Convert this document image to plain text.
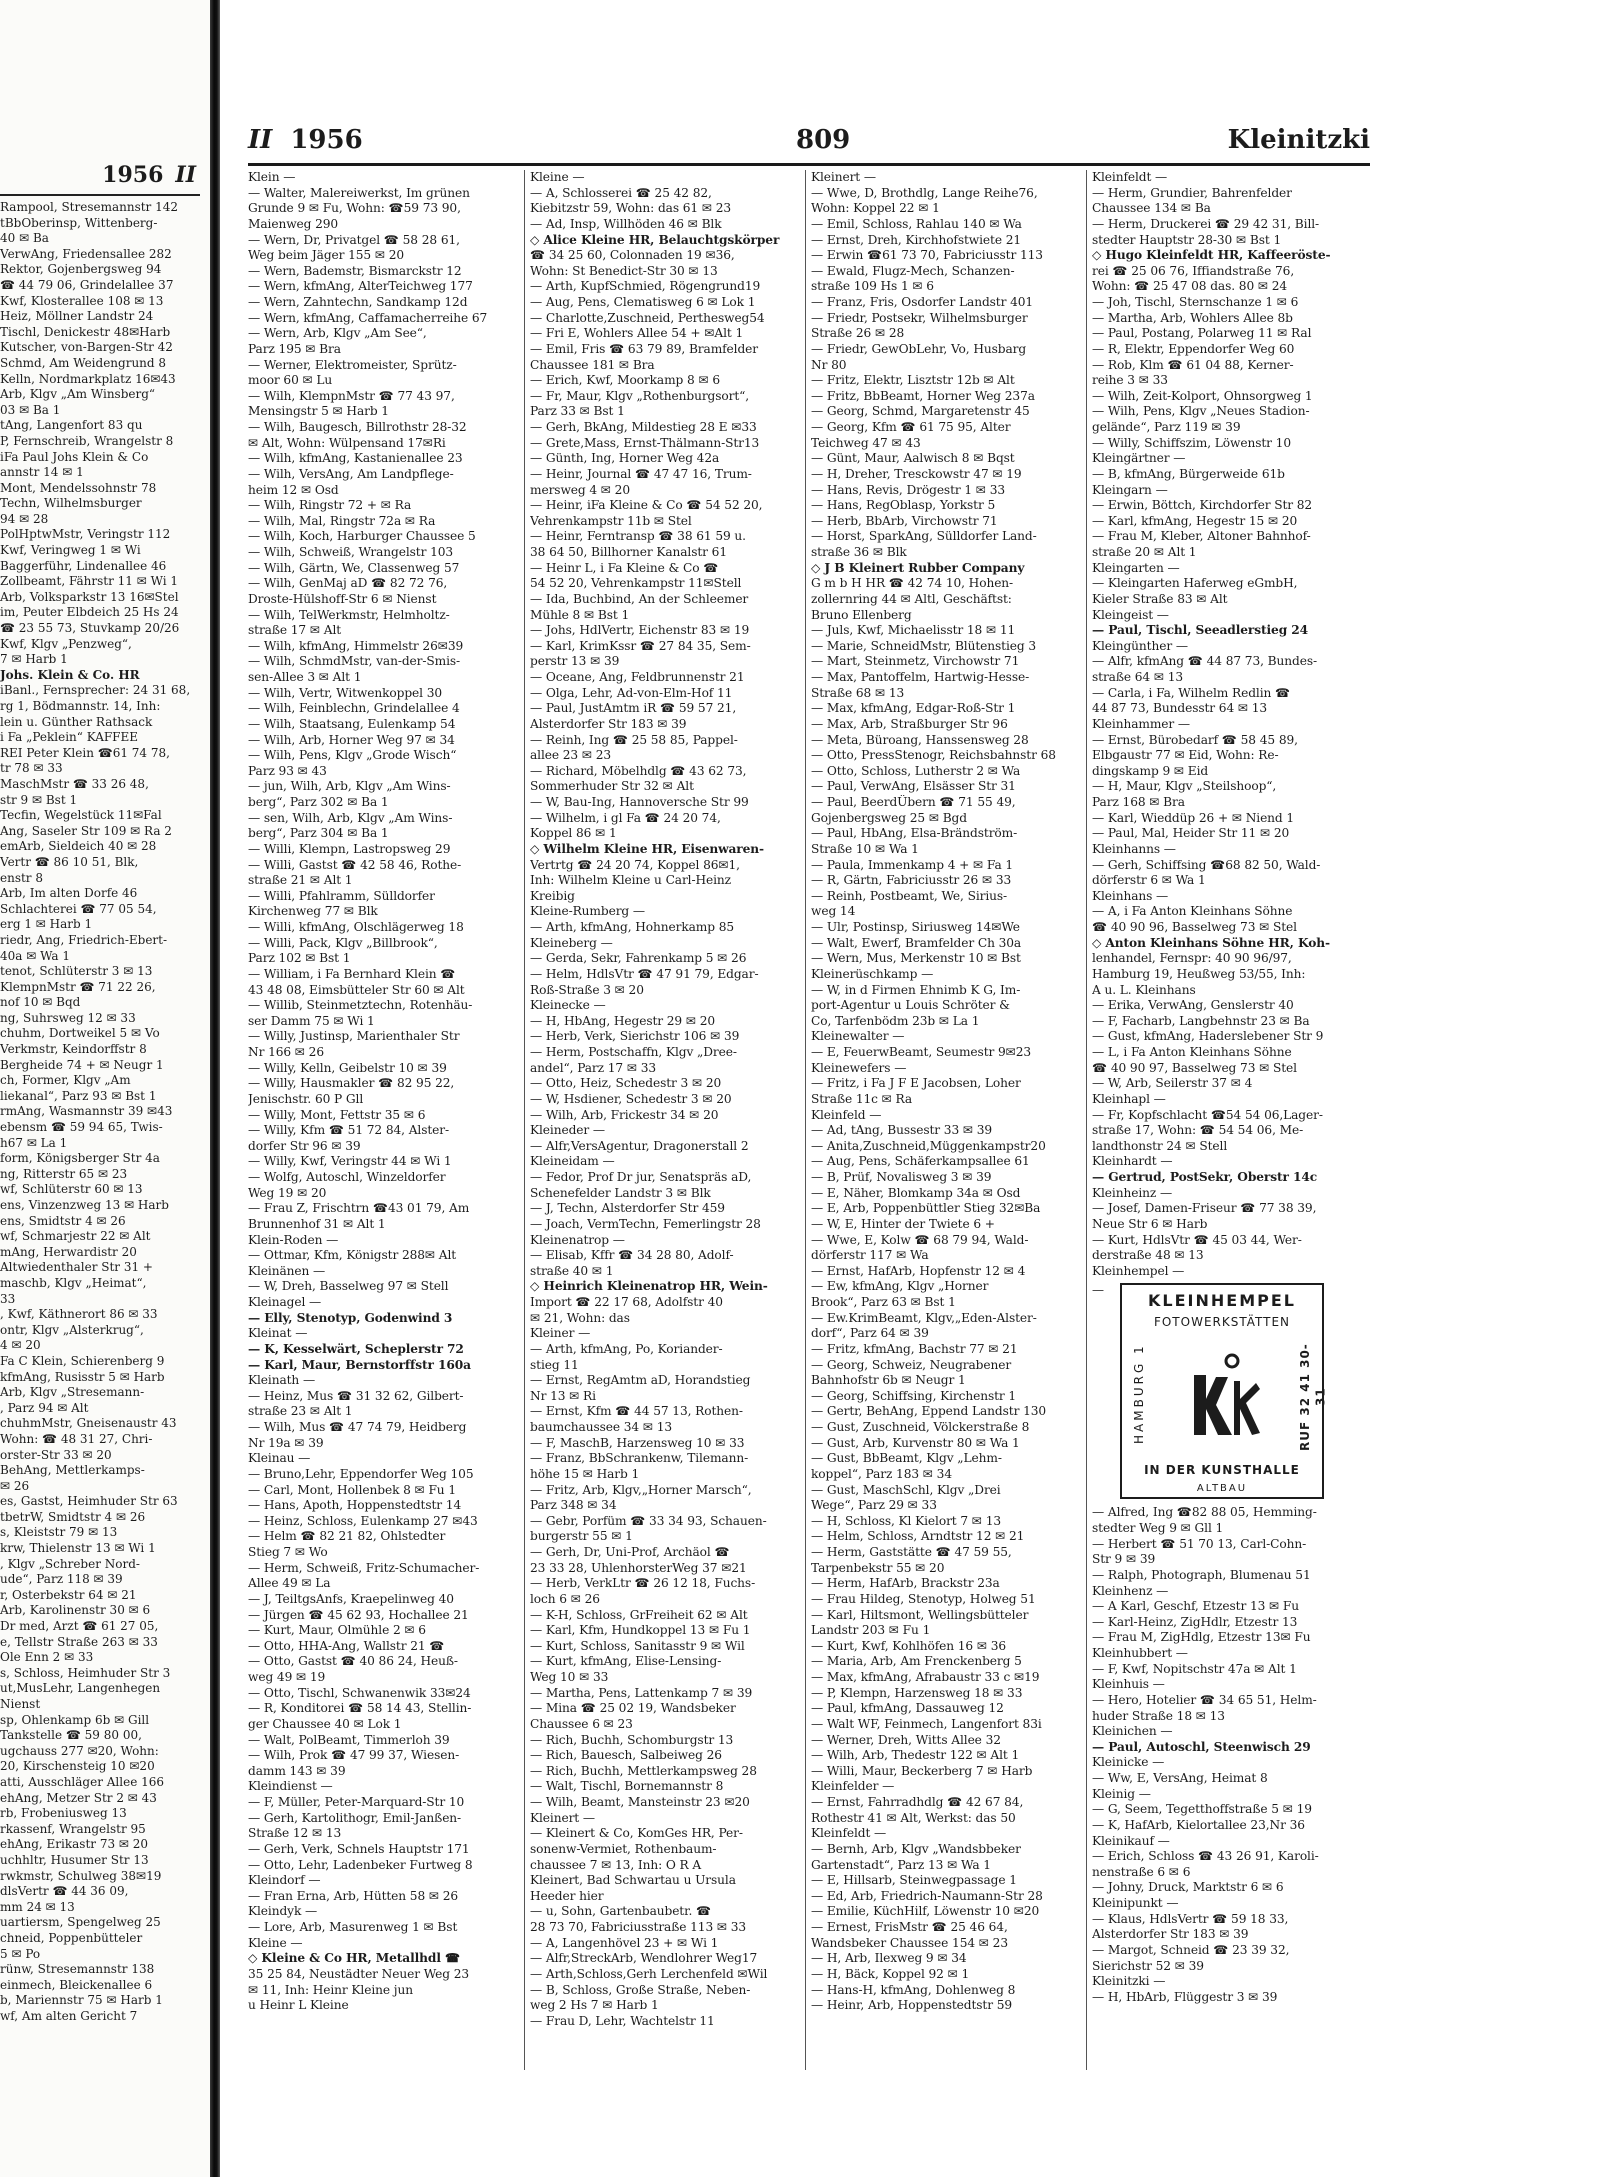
1956 II
Rampool, Stresemannstr 142
tBbOberinsp, Wittenberg-
40 ✉ Ba
VerwAng, Friedensallee 282
Rektor, Gojenbergsweg 94
☎ 44 79 06, Grindelallee 37
Kwf, Klosterallee 108 ✉ 13
Heiz, Möllner Landstr 24
Tischl, Denickestr 48✉Harb
Kutscher, von-Bargen-Str 42
Schmd, Am Weidengrund 8
Kelln, Nordmarkplatz 16✉43
Arb, Klgv „Am Winsberg“
03 ✉ Ba 1
tAng, Langenfort 83 qu
P, Fernschreib, Wrangelstr 8
iFa Paul Johs Klein & Co
annstr 14 ✉ 1
Mont, Mendelssohnstr 78
Techn, Wilhelmsburger
94 ✉ 28
PolHptwMstr, Veringstr 112
Kwf, Veringweg 1 ✉ Wi
Baggerführ, Lindenallee 46
Zollbeamt, Fährstr 11 ✉ Wi 1
Arb, Volksparkstr 13 16✉Stel
im, Peuter Elbdeich 25 Hs 24
☎ 23 55 73, Stuvkamp 20/26
Kwf, Klgv „Penzweg“,
7 ✉ Harb 1
Johs. Klein & Co. HR
iBanl., Fernsprecher: 24 31 68,
rg 1, Bödmannstr. 14, Inh:
lein u. Günther Rathsack
i Fa „Peklein“ KAFFEE
REI Peter Klein ☎61 74 78,
tr 78 ✉ 33
MaschMstr ☎ 33 26 48,
str 9 ✉ Bst 1
Tecfin, Wegelstück 11✉Fal
Ang, Saseler Str 109 ✉ Ra 2
emArb, Sieldeich 40 ✉ 28
Vertr ☎ 86 10 51, Blk,
enstr 8
Arb, Im alten Dorfe 46
Schlachterei ☎ 77 05 54,
erg 1 ✉ Harb 1
riedr, Ang, Friedrich-Ebert-
40a ✉ Wa 1
tenot, Schlüterstr 3 ✉ 13
KlempnMstr ☎ 71 22 26,
nof 10 ✉ Bqd
ng, Suhrsweg 12 ✉ 33
chuhm, Dortweikel 5 ✉ Vo
Verkmstr, Keindorffstr 8
Bergheide 74 + ✉ Neugr 1
ch, Former, Klgv „Am
liekanal“, Parz 93 ✉ Bst 1
rmAng, Wasmannstr 39 ✉43
ebensm ☎ 59 94 65, Twis-
h67 ✉ La 1
form, Königsberger Str 4a
ng, Ritterstr 65 ✉ 23
wf, Schlüterstr 60 ✉ 13
ens, Vinzenzweg 13 ✉ Harb
ens, Smidtstr 4 ✉ 26
wf, Schmarjestr 22 ✉ Alt
mAng, Herwardistr 20
Altwiedenthaler Str 31 +
maschb, Klgv „Heimat“,
33
, Kwf, Käthnerort 86 ✉ 33
ontr, Klgv „Alsterkrug“,
4 ✉ 20
Fa C Klein, Schierenberg 9
kfmAng, Rusisstr 5 ✉ Harb
Arb, Klgv „Stresemann-
, Parz 94 ✉ Alt
chuhmMstr, Gneisenaustr 43
Wohn: ☎ 48 31 27, Chri-
orster-Str 33 ✉ 20
BehAng, Mettlerkamps-
✉ 26
es, Gastst, Heimhuder Str 63
tbetrW, Smidtstr 4 ✉ 26
s, Kleiststr 79 ✉ 13
krw, Thielenstr 13 ✉ Wi 1
, Klgv „Schreber Nord-
ude“, Parz 118 ✉ 39
r, Osterbekstr 64 ✉ 21
Arb, Karolinenstr 30 ✉ 6
Dr med, Arzt ☎ 61 27 05,
e, Tellstr Straße 263 ✉ 33
Ole Enn 2 ✉ 33
s, Schloss, Heimhuder Str 3
ut,MusLehr, Langenhegen
Nienst
sp, Ohlenkamp 6b ✉ Gill
Tankstelle ☎ 59 80 00,
ugchauss 277 ✉20, Wohn:
20, Kirschensteig 10 ✉20
atti, Ausschläger Allee 166
ehAng, Metzer Str 2 ✉ 43
rb, Frobeniusweg 13
rkassenf, Wrangelstr 95
ehAng, Erikastr 73 ✉ 20
uchhltr, Husumer Str 13
rwkmstr, Schulweg 38✉19
dlsVertr ☎ 44 36 09,
mm 24 ✉ 13
uartiersm, Spengelweg 25
chneid, Poppenbütteler
5 ✉ Po
rünw, Stresemannstr 138
einmech, Bleickenallee 6
b, Mariennstr 75 ✉ Harb 1
wf, Am alten Gericht 7
II 1956	809	Kleinitzki
Klein —
— Walter, Malereiwerkst, Im grünen
Grunde 9 ✉ Fu, Wohn: ☎59 73 90,
Maienweg 290
— Wern, Dr, Privatgel ☎ 58 28 61,
Weg beim Jäger 155 ✉ 20
— Wern, Bademstr, Bismarckstr 12
— Wern, kfmAng, AlterTeichweg 177
— Wern, Zahntechn, Sandkamp 12d
— Wern, kfmAng, Caffamacherreihe 67
— Wern, Arb, Klgv „Am See“,
Parz 195 ✉ Bra
— Werner, Elektromeister, Sprütz-
moor 60 ✉ Lu
— Wilh, KlempnMstr ☎ 77 43 97,
Mensingstr 5 ✉ Harb 1
— Wilh, Baugesch, Billrothstr 28-32
✉ Alt, Wohn: Wülpensand 17✉Ri
— Wilh, kfmAng, Kastanienallee 23
— Wilh, VersAng, Am Landpflege-
heim 12 ✉ Osd
— Wilh, Ringstr 72 + ✉ Ra
— Wilh, Mal, Ringstr 72a ✉ Ra
— Wilh, Koch, Harburger Chaussee 5
— Wilh, Schweiß, Wrangelstr 103
— Wilh, Gärtn, We, Classenweg 57
— Wilh, GenMaj aD ☎ 82 72 76,
Droste-Hülshoff-Str 6 ✉ Nienst
— Wilh, TelWerkmstr, Helmholtz-
straße 17 ✉ Alt
— Wilh, kfmAng, Himmelstr 26✉39
— Wilh, SchmdMstr, van-der-Smis-
sen-Allee 3 ✉ Alt 1
— Wilh, Vertr, Witwenkoppel 30
— Wilh, Feinblechn, Grindelallee 4
— Wilh, Staatsang, Eulenkamp 54
— Wilh, Arb, Horner Weg 97 ✉ 34
— Wilh, Pens, Klgv „Grode Wisch“
Parz 93 ✉ 43
— jun, Wilh, Arb, Klgv „Am Wins-
berg“, Parz 302 ✉ Ba 1
— sen, Wilh, Arb, Klgv „Am Wins-
berg“, Parz 304 ✉ Ba 1
— Willi, Klempn, Lastropsweg 29
— Willi, Gastst ☎ 42 58 46, Rothe-
straße 21 ✉ Alt 1
— Willi, Pfahlramm, Sülldorfer
Kirchenweg 77 ✉ Blk
— Willi, kfmAng, Olschlägerweg 18
— Willi, Pack, Klgv „Billbrook“,
Parz 102 ✉ Bst 1
— William, i Fa Bernhard Klein ☎
43 48 08, Eimsbütteler Str 60 ✉ Alt
— Willib, Steinmetztechn, Rotenhäu-
ser Damm 75 ✉ Wi 1
— Willy, Justinsp, Marienthaler Str
Nr 166 ✉ 26
— Willy, Kelln, Geibelstr 10 ✉ 39
— Willy, Hausmakler ☎ 82 95 22,
Jenischstr. 60 P Gll
— Willy, Mont, Fettstr 35 ✉ 6
— Willy, Kfm ☎ 51 72 84, Alster-
dorfer Str 96 ✉ 39
— Willy, Kwf, Veringstr 44 ✉ Wi 1
— Wolfg, Autoschl, Winzeldorfer
Weg 19 ✉ 20
— Frau Z, Frischtrn ☎43 01 79, Am
Brunnenhof 31 ✉ Alt 1
Klein-Roden —
— Ottmar, Kfm, Königstr 288✉ Alt
Kleinänen —
— W, Dreh, Basselweg 97 ✉ Stell
Kleinagel —
— Elly, Stenotyp, Godenwind 3
Kleinat —
— K, Kesselwärt, Scheplerstr 72
— Karl, Maur, Bernstorffstr 160a
Kleinath —
— Heinz, Mus ☎ 31 32 62, Gilbert-
straße 23 ✉ Alt 1
— Wilh, Mus ☎ 47 74 79, Heidberg
Nr 19a ✉ 39
Kleinau —
— Bruno,Lehr, Eppendorfer Weg 105
— Carl, Mont, Hollenbek 8 ✉ Fu 1
— Hans, Apoth, Hoppenstedtstr 14
— Heinz, Schloss, Eulenkamp 27 ✉43
— Helm ☎ 82 21 82, Ohlstedter
Stieg 7 ✉ Wo
— Herm, Schweiß, Fritz-Schumacher-
Allee 49 ✉ La
— J, TeiltgsAnfs, Kraepelinweg 40
— Jürgen ☎ 45 62 93, Hochallee 21
— Kurt, Maur, Olmühle 2 ✉ 6
— Otto, HHA-Ang, Wallstr 21 ☎
— Otto, Gastst ☎ 40 86 24, Heuß-
weg 49 ✉ 19
— Otto, Tischl, Schwanenwik 33✉24
— R, Konditorei ☎ 58 14 43, Stellin-
ger Chaussee 40 ✉ Lok 1
— Walt, PolBeamt, Timmerloh 39
— Wilh, Prok ☎ 47 99 37, Wiesen-
damm 143 ✉ 39
Kleindienst —
— F, Müller, Peter-Marquard-Str 10
— Gerh, Kartolithogr, Emil-Janßen-
Straße 12 ✉ 13
— Gerh, Verk, Schnels Hauptstr 171
— Otto, Lehr, Ladenbeker Furtweg 8
Kleindorf —
— Fran Erna, Arb, Hütten 58 ✉ 26
Kleindyk —
— Lore, Arb, Masurenweg 1 ✉ Bst
Kleine —
◇ Kleine & Co HR, Metallhdl ☎
35 25 84, Neustädter Neuer Weg 23
✉ 11, Inh: Heinr Kleine jun
u Heinr L Kleine
Kleine —
— A, Schlosserei ☎ 25 42 82,
Kiebitzstr 59, Wohn: das 61 ✉ 23
— Ad, Insp, Willhöden 46 ✉ Blk
◇ Alice Kleine HR, Belauchtgskörper
☎ 34 25 60, Colonnaden 19 ✉36,
Wohn: St Benedict-Str 30 ✉ 13
— Arth, KupfSchmied, Rögengrund19
— Aug, Pens, Clematisweg 6 ✉ Lok 1
— Charlotte,Zuschneid, Perthesweg54
— Fri E, Wohlers Allee 54 + ✉Alt 1
— Emil, Fris ☎ 63 79 89, Bramfelder
Chaussee 181 ✉ Bra
— Erich, Kwf, Moorkamp 8 ✉ 6
— Fr, Maur, Klgv „Rothenburgsort“,
Parz 33 ✉ Bst 1
— Gerh, BkAng, Mildestieg 28 E ✉33
— Grete,Mass, Ernst-Thälmann-Str13
— Günth, Ing, Horner Weg 42a
— Heinr, Journal ☎ 47 47 16, Trum-
mersweg 4 ✉ 20
— Heinr, iFa Kleine & Co ☎ 54 52 20,
Vehrenkampstr 11b ✉ Stel
— Heinr, Ferntransp ☎ 38 61 59 u.
38 64 50, Billhorner Kanalstr 61
— Heinr L, i Fa Kleine & Co ☎
54 52 20, Vehrenkampstr 11✉Stell
— Ida, Buchbind, An der Schleemer
Mühle 8 ✉ Bst 1
— Johs, HdlVertr, Eichenstr 83 ✉ 19
— Karl, KrimKssr ☎ 27 84 35, Sem-
perstr 13 ✉ 39
— Oceane, Ang, Feldbrunnenstr 21
— Olga, Lehr, Ad-von-Elm-Hof 11
— Paul, JustAmtm iR ☎ 59 57 21,
Alsterdorfer Str 183 ✉ 39
— Reinh, Ing ☎ 25 58 85, Pappel-
allee 23 ✉ 23
— Richard, Möbelhdlg ☎ 43 62 73,
Sommerhuder Str 32 ✉ Alt
— W, Bau-Ing, Hannoversche Str 99
— Wilhelm, i gl Fa ☎ 24 20 74,
Koppel 86 ✉ 1
◇ Wilhelm Kleine HR, Eisenwaren-
Vertrtg ☎ 24 20 74, Koppel 86✉1,
Inh: Wilhelm Kleine u Carl-Heinz
Kreibig
Kleine-Rumberg —
— Arth, kfmAng, Hohnerkamp 85
Kleineberg —
— Gerda, Sekr, Fahrenkamp 5 ✉ 26
— Helm, HdlsVtr ☎ 47 91 79, Edgar-
Roß-Straße 3 ✉ 20
Kleinecke —
— H, HbAng, Hegestr 29 ✉ 20
— Herb, Verk, Sierichstr 106 ✉ 39
— Herm, Postschaffn, Klgv „Dree-
andel“, Parz 17 ✉ 33
— Otto, Heiz, Schedestr 3 ✉ 20
— W, Hsdiener, Schedestr 3 ✉ 20
— Wilh, Arb, Frickestr 34 ✉ 20
Kleineder —
— Alfr,VersAgentur, Dragonerstall 2
Kleineidam —
— Fedor, Prof Dr jur, Senatspräs aD,
Schenefelder Landstr 3 ✉ Blk
— J, Techn, Alsterdorfer Str 459
— Joach, VermTechn, Femerlingstr 28
Kleinenatrop —
— Elisab, Kffr ☎ 34 28 80, Adolf-
straße 40 ✉ 1
◇ Heinrich Kleinenatrop HR, Wein-
Import ☎ 22 17 68, Adolfstr 40
✉ 21, Wohn: das
Kleiner —
— Arth, kfmAng, Po, Koriander-
stieg 11
— Ernst, RegAmtm aD, Horandstieg
Nr 13 ✉ Ri
— Ernst, Kfm ☎ 44 57 13, Rothen-
baumchaussee 34 ✉ 13
— F, MaschB, Harzensweg 10 ✉ 33
— Franz, BbSchrankenw, Tilemann-
höhe 15 ✉ Harb 1
— Fritz, Arb, Klgv,„Horner Marsch“,
Parz 348 ✉ 34
— Gebr, Porfüm ☎ 33 34 93, Schauen-
burgerstr 55 ✉ 1
— Gerh, Dr, Uni-Prof, Archäol ☎
23 33 28, UhlenhorsterWeg 37 ✉21
— Herb, VerkLtr ☎ 26 12 18, Fuchs-
loch 6 ✉ 26
— K-H, Schloss, GrFreiheit 62 ✉ Alt
— Karl, Kfm, Hundkoppel 13 ✉ Fu 1
— Kurt, Schloss, Sanitasstr 9 ✉ Wil
— Kurt, kfmAng, Elise-Lensing-
Weg 10 ✉ 33
— Martha, Pens, Lattenkamp 7 ✉ 39
— Mina ☎ 25 02 19, Wandsbeker
Chaussee 6 ✉ 23
— Rich, Buchh, Schomburgstr 13
— Rich, Bauesch, Salbeiweg 26
— Rich, Buchh, Mettlerkampsweg 28
— Walt, Tischl, Bornemannstr 8
— Wilh, Beamt, Mansteinstr 23 ✉20
Kleinert —
— Kleinert & Co, KomGes HR, Per-
sonenw-Vermiet, Rothenbaum-
chaussee 7 ✉ 13, Inh: O R A
Kleinert, Bad Schwartau u Ursula
Heeder hier
— u, Sohn, Gartenbaubetr. ☎
28 73 70, Fabriciusstraße 113 ✉ 33
— A, Langenhövel 23 + ✉ Wi 1
— Alfr,StreckArb, Wendlohrer Weg17
— Arth,Schloss,Gerh Lerchenfeld ✉Wil
— B, Schloss, Große Straße, Neben-
weg 2 Hs 7 ✉ Harb 1
— Frau D, Lehr, Wachtelstr 11
Kleinert —
— Wwe, D, Brothdlg, Lange Reihe76,
Wohn: Koppel 22 ✉ 1
— Emil, Schloss, Rahlau 140 ✉ Wa
— Ernst, Dreh, Kirchhofstwiete 21
— Erwin ☎61 73 70, Fabriciusstr 113
— Ewald, Flugz-Mech, Schanzen-
straße 109 Hs 1 ✉ 6
— Franz, Fris, Osdorfer Landstr 401
— Friedr, Postsekr, Wilhelmsburger
Straße 26 ✉ 28
— Friedr, GewObLehr, Vo, Husbarg
Nr 80
— Fritz, Elektr, Lisztstr 12b ✉ Alt
— Fritz, BbBeamt, Horner Weg 237a
— Georg, Schmd, Margaretenstr 45
— Georg, Kfm ☎ 61 75 95, Alter
Teichweg 47 ✉ 43
— Günt, Maur, Aalwisch 8 ✉ Bqst
— H, Dreher, Tresckowstr 47 ✉ 19
— Hans, Revis, Drögestr 1 ✉ 33
— Hans, RegOblasp, Yorkstr 5
— Herb, BbArb, Virchowstr 71
— Horst, SparkAng, Sülldorfer Land-
straße 36 ✉ Blk
◇ J B Kleinert Rubber Company
G m b H HR ☎ 42 74 10, Hohen-
zollernring 44 ✉ Altl, Geschäftst:
Bruno Ellenberg
— Juls, Kwf, Michaelisstr 18 ✉ 11
— Marie, SchneidMstr, Blütenstieg 3
— Mart, Steinmetz, Virchowstr 71
— Max, Pantoffelm, Hartwig-Hesse-
Straße 68 ✉ 13
— Max, kfmAng, Edgar-Roß-Str 1
— Max, Arb, Straßburger Str 96
— Meta, Büroang, Hanssensweg 28
— Otto, PressStenogr, Reichsbahnstr 68
— Otto, Schloss, Lutherstr 2 ✉ Wa
— Paul, VerwAng, Elsässer Str 31
— Paul, BeerdÜbern ☎ 71 55 49,
Gojenbergsweg 25 ✉ Bgd
— Paul, HbAng, Elsa-Brändström-
Straße 10 ✉ Wa 1
— Paula, Immenkamp 4 + ✉ Fa 1
— R, Gärtn, Fabriciusstr 26 ✉ 33
— Reinh, Postbeamt, We, Sirius-
weg 14
— Ulr, Postinsp, Siriusweg 14✉We
— Walt, Ewerf, Bramfelder Ch 30a
— Wern, Mus, Merkenstr 10 ✉ Bst
Kleinerüschkamp —
— W, in d Firmen Ehnimb K G, Im-
port-Agentur u Louis Schröter &
Co, Tarfenbödm 23b ✉ La 1
Kleinewalter —
— E, FeuerwBeamt, Seumestr 9✉23
Kleinewefers —
— Fritz, i Fa J F E Jacobsen, Loher
Straße 11c ✉ Ra
Kleinfeld —
— Ad, tAng, Bussestr 33 ✉ 39
— Anita,Zuschneid,Müggenkampstr20
— Aug, Pens, Schäferkampsallee 61
— B, Prüf, Novalisweg 3 ✉ 39
— E, Näher, Blomkamp 34a ✉ Osd
— E, Arb, Poppenbüttler Stieg 32✉Ba
— W, E, Hinter der Twiete 6 +
— Wwe, E, Kolw ☎ 68 79 94, Wald-
dörferstr 117 ✉ Wa
— Ernst, HafArb, Hopfenstr 12 ✉ 4
— Ew, kfmAng, Klgv „Horner
Brook“, Parz 63 ✉ Bst 1
— Ew.KrimBeamt, Klgv,„Eden-Alster-
dorf“, Parz 64 ✉ 39
— Fritz, kfmAng, Bachstr 77 ✉ 21
— Georg, Schweiz, Neugrabener
Bahnhofstr 6b ✉ Neugr 1
— Georg, Schiffsing, Kirchenstr 1
— Gertr, BehAng, Eppend Landstr 130
— Gust, Zuschneid, Völckerstraße 8
— Gust, Arb, Kurvenstr 80 ✉ Wa 1
— Gust, BbBeamt, Klgv „Lehm-
koppel“, Parz 183 ✉ 34
— Gust, MaschSchl, Klgv „Drei
Wege“, Parz 29 ✉ 33
— H, Schloss, Kl Kielort 7 ✉ 13
— Helm, Schloss, Arndtstr 12 ✉ 21
— Herm, Gaststätte ☎ 47 59 55,
Tarpenbekstr 55 ✉ 20
— Herm, HafArb, Brackstr 23a
— Frau Hildeg, Stenotyp, Holweg 51
— Karl, Hiltsmont, Wellingsbütteler
Landstr 203 ✉ Fu 1
— Kurt, Kwf, Kohlhöfen 16 ✉ 36
— Maria, Arb, Am Frenckenberg 5
— Max, kfmAng, Afrabaustr 33 c ✉19
— P, Klempn, Harzensweg 18 ✉ 33
— Paul, kfmAng, Dassauweg 12
— Walt WF, Feinmech, Langenfort 83i
— Werner, Dreh, Witts Allee 32
— Wilh, Arb, Thedestr 122 ✉ Alt 1
— Willi, Maur, Beckerberg 7 ✉ Harb
Kleinfelder —
— Ernst, Fahrradhdlg ☎ 42 67 84,
Rothestr 41 ✉ Alt, Werkst: das 50
Kleinfeldt —
— Bernh, Arb, Klgv „Wandsbbeker
Gartenstadt“, Parz 13 ✉ Wa 1
— E, Hillsarb, Steinwegpassage 1
— Ed, Arb, Friedrich-Naumann-Str 28
— Emilie, KüchHilf, Löwenstr 10 ✉20
— Ernest, FrisMstr ☎ 25 46 64,
Wandsbeker Chaussee 154 ✉ 23
— H, Arb, Ilexweg 9 ✉ 34
— H, Bäck, Koppel 92 ✉ 1
— Hans-H, kfmAng, Dohlenweg 8
— Heinr, Arb, Hoppenstedtstr 59
Kleinfeldt —
— Herm, Grundier, Bahrenfelder
Chaussee 134 ✉ Ba
— Herm, Druckerei ☎ 29 42 31, Bill-
stedter Hauptstr 28-30 ✉ Bst 1
◇ Hugo Kleinfeldt HR, Kaffeeröste-
rei ☎ 25 06 76, Iffiandstraße 76,
Wohn: ☎ 25 47 08 das. 80 ✉ 24
— Joh, Tischl, Sternschanze 1 ✉ 6
— Martha, Arb, Wohlers Allee 8b
— Paul, Postang, Polarweg 11 ✉ Ral
— R, Elektr, Eppendorfer Weg 60
— Rob, Klm ☎ 61 04 88, Kerner-
reihe 3 ✉ 33
— Wilh, Zeit-Kolport, Ohnsorgweg 1
— Wilh, Pens, Klgv „Neues Stadion-
gelände“, Parz 119 ✉ 39
— Willy, Schiffszim, Löwenstr 10
Kleingärtner —
— B, kfmAng, Bürgerweide 61b
Kleingarn —
— Erwin, Böttch, Kirchdorfer Str 82
— Karl, kfmAng, Hegestr 15 ✉ 20
— Frau M, Kleber, Altoner Bahnhof-
straße 20 ✉ Alt 1
Kleingarten —
— Kleingarten Haferweg eGmbH,
Kieler Straße 83 ✉ Alt
Kleingeist —
— Paul, Tischl, Seeadlerstieg 24
Kleingünther —
— Alfr, kfmAng ☎ 44 87 73, Bundes-
straße 64 ✉ 13
— Carla, i Fa, Wilhelm Redlin ☎
44 87 73, Bundesstr 64 ✉ 13
Kleinhammer —
— Ernst, Bürobedarf ☎ 58 45 89,
Elbgaustr 77 ✉ Eid, Wohn: Re-
dingskamp 9 ✉ Eid
— H, Maur, Klgv „Steilshoop“,
Parz 168 ✉ Bra
— Karl, Wieddüp 26 + ✉ Niend 1
— Paul, Mal, Heider Str 11 ✉ 20
Kleinhanns —
— Gerh, Schiffsing ☎68 82 50, Wald-
dörferstr 6 ✉ Wa 1
Kleinhans —
— A, i Fa Anton Kleinhans Söhne
☎ 40 90 96, Basselweg 73 ✉ Stel
◇ Anton Kleinhans Söhne HR, Koh-
lenhandel, Fernspr: 40 90 96/97,
Hamburg 19, Heußweg 53/55, Inh:
A u. L. Kleinhans
— Erika, VerwAng, Genslerstr 40
— F, Facharb, Langbehnstr 23 ✉ Ba
— Gust, kfmAng, Haderslebener Str 9
— L, i Fa Anton Kleinhans Söhne
☎ 40 90 97, Basselweg 73 ✉ Stel
— W, Arb, Seilerstr 37 ✉ 4
Kleinhapl —
— Fr, Kopfschlacht ☎54 54 06,Lager-
straße 17, Wohn: ☎ 54 54 06, Me-
landthonstr 24 ✉ Stell
Kleinhardt —
— Gertrud, PostSekr, Oberstr 14c
Kleinheinz —
— Josef, Damen-Friseur ☎ 77 38 39,
Neue Str 6 ✉ Harb
— Kurt, HdlsVtr ☎ 45 03 44, Wer-
derstraße 48 ✉ 13
Kleinhempel —
—
KLEINHEMPEL
FOTOWERKSTÄTTEN
HAMBURG 1	RUF 32 41 30-31
IN DER KUNSTHALLE
ALTBAU
— Alfred, Ing ☎82 88 05, Hemming-
stedter Weg 9 ✉ Gll 1
— Herbert ☎ 51 70 13, Carl-Cohn-
Str 9 ✉ 39
— Ralph, Photograph, Blumenau 51
Kleinhenz —
— A Karl, Geschf, Etzestr 13 ✉ Fu
— Karl-Heinz, ZigHdlr, Etzestr 13
— Frau M, ZigHdlg, Etzestr 13✉ Fu
Kleinhubbert —
— F, Kwf, Nopitschstr 47a ✉ Alt 1
Kleinhuis —
— Hero, Hotelier ☎ 34 65 51, Helm-
huder Straße 18 ✉ 13
Kleinichen —
— Paul, Autoschl, Steenwisch 29
Kleinicke —
— Ww, E, VersAng, Heimat 8
Kleinig —
— G, Seem, Tegetthoffstraße 5 ✉ 19
— K, HafArb, Kielortallee 23,Nr 36
Kleinikauf —
— Erich, Schloss ☎ 43 26 91, Karoli-
nenstraße 6 ✉ 6
— Johny, Druck, Marktstr 6 ✉ 6
Kleinipunkt —
— Klaus, HdlsVertr ☎ 59 18 33,
Alsterdorfer Str 183 ✉ 39
— Margot, Schneid ☎ 23 39 32,
Sierichstr 52 ✉ 39
Kleinitzki —
— H, HbArb, Flüggestr 3 ✉ 39
